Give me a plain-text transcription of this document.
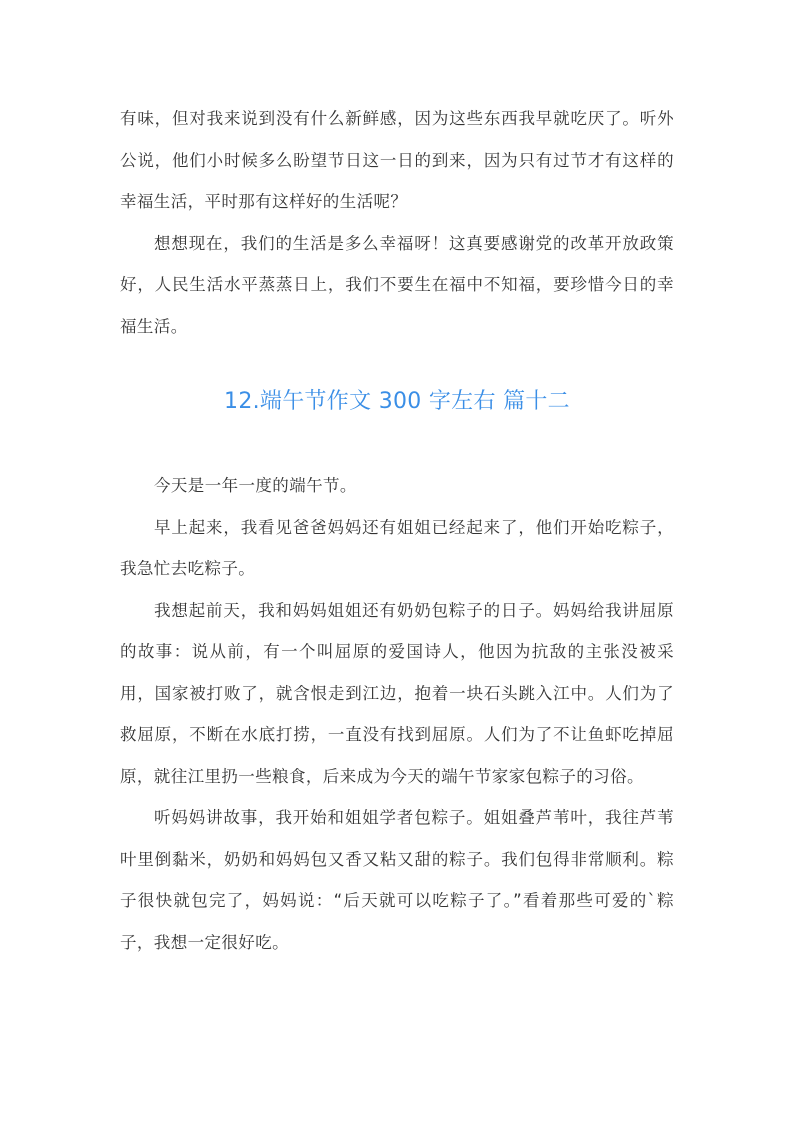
有味，但对我来说到没有什么新鲜感，因为这些东西我早就吃厌了。听外公说，他们小时候多么盼望节日这一日的到来，因为只有过节才有这样的幸福生活，平时那有这样好的生活呢？

想想现在，我们的生活是多么幸福呀！这真要感谢党的改革开放政策好，人民生活水平蒸蒸日上，我们不要生在福中不知福，要珍惜今日的幸福生活。

12.端午节作文 300 字左右 篇十二

今天是一年一度的端午节。

早上起来，我看见爸爸妈妈还有姐姐已经起来了，他们开始吃粽子，我急忙去吃粽子。

我想起前天，我和妈妈姐姐还有奶奶包粽子的日子。妈妈给我讲屈原的故事：说从前，有一个叫屈原的爱国诗人，他因为抗敌的主张没被采用，国家被打败了，就含恨走到江边，抱着一块石头跳入江中。人们为了救屈原，不断在水底打捞，一直没有找到屈原。人们为了不让鱼虾吃掉屈原，就往江里扔一些粮食，后来成为今天的端午节家家包粽子的习俗。

听妈妈讲故事，我开始和姐姐学者包粽子。姐姐叠芦苇叶，我往芦苇叶里倒黏米，奶奶和妈妈包又香又粘又甜的粽子。我们包得非常顺利。粽子很快就包完了，妈妈说：“后天就可以吃粽子了。”看着那些可爱的`粽子，我想一定很好吃。
